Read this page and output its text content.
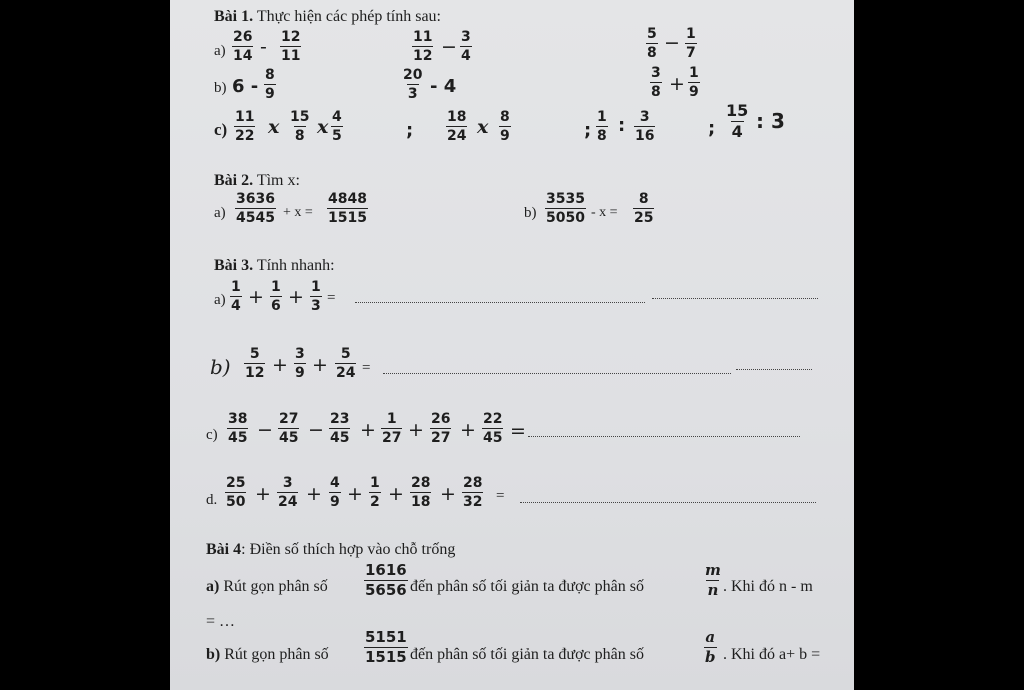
Bài 1. Thực hiện các phép tính sau:
$a) \frac{26}{14} - \frac{12}{11}$	$\frac{11}{12} - \frac{3}{4}$	$\frac{5}{8} - \frac{1}{7}$
b) $6 - \frac{8}{9}$	$\frac{20}{3} - 4$	$\frac{3}{8} + \frac{1}{9}$
$c) \frac{11}{22}$ x $\frac{15}{8}$ x $\frac{4}{5}$	; $\frac{18}{24}$ x $\frac{8}{9}$	; $\frac{1}{8}$ : $\frac{3}{16}$	; $\frac{15}{4}$ : 3
Bài 2. Tìm x:
$a) \frac{3636}{4545} + x = \frac{4848}{1515}$	$b) \frac{3535}{5050} - x = \frac{8}{25}$
Bài 3. Tính nhanh:
$a) \frac{1}{4} + \frac{1}{6} + \frac{1}{3}$ =
$b) \frac{5}{12} + \frac{3}{9} + \frac{5}{24}$ =
$c) \frac{38}{45} - \frac{27}{45} - \frac{23}{45} + \frac{1}{27} + \frac{26}{27} + \frac{22}{45}$ =
d. $\frac{25}{50} + \frac{3}{24} + \frac{4}{9} + \frac{1}{2} + \frac{28}{18} + \frac{28}{32}$ =
Bài 4: Điền số thích hợp vào chỗ trống
a) Rút gọn phân số $\frac{1616}{5656}$ đến phân số tối giản ta được phân số	$\frac{m}{n}$ . Khi đó n - m
= …
b) Rút gọn phân số $\frac{5151}{1515}$ đến phân số tối giản ta được phân số	$\frac{a}{b}$ . Khi đó a+ b =
